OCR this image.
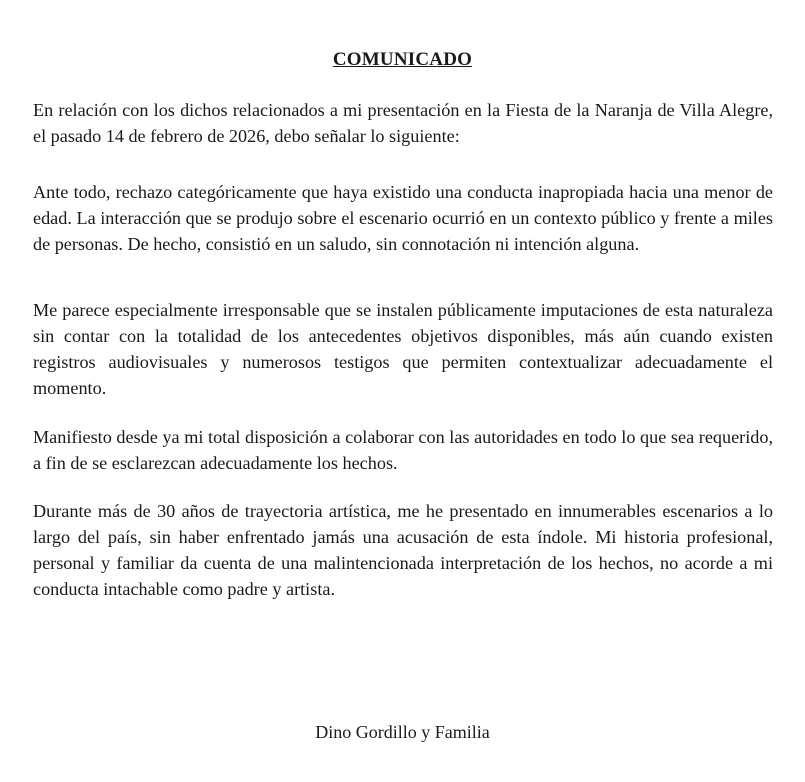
COMUNICADO

En relación con los dichos relacionados a mi presentación en la Fiesta de la Naranja de Villa Alegre, el pasado 14 de febrero de 2026, debo señalar lo siguiente:

Ante todo, rechazo categóricamente que haya existido una conducta inapropiada hacia una menor de edad. La interacción que se produjo sobre el escenario ocurrió en un contexto público y frente a miles de personas. De hecho, consistió en un saludo, sin connotación ni intención alguna.

Me parece especialmente irresponsable que se instalen públicamente imputaciones de esta naturaleza sin contar con la totalidad de los antecedentes objetivos disponibles, más aún cuando existen registros audiovisuales y numerosos testigos que permiten contextualizar adecuadamente el momento.

Manifiesto desde ya mi total disposición a colaborar con las autoridades en todo lo que sea requerido, a fin de se esclarezcan adecuadamente los hechos.

Durante más de 30 años de trayectoria artística, me he presentado en innumerables escenarios a lo largo del país, sin haber enfrentado jamás una acusación de esta índole. Mi historia profesional, personal y familiar da cuenta de una malintencionada interpretación de los hechos, no acorde a mi conducta intachable como padre y artista.

Dino Gordillo y Familia
